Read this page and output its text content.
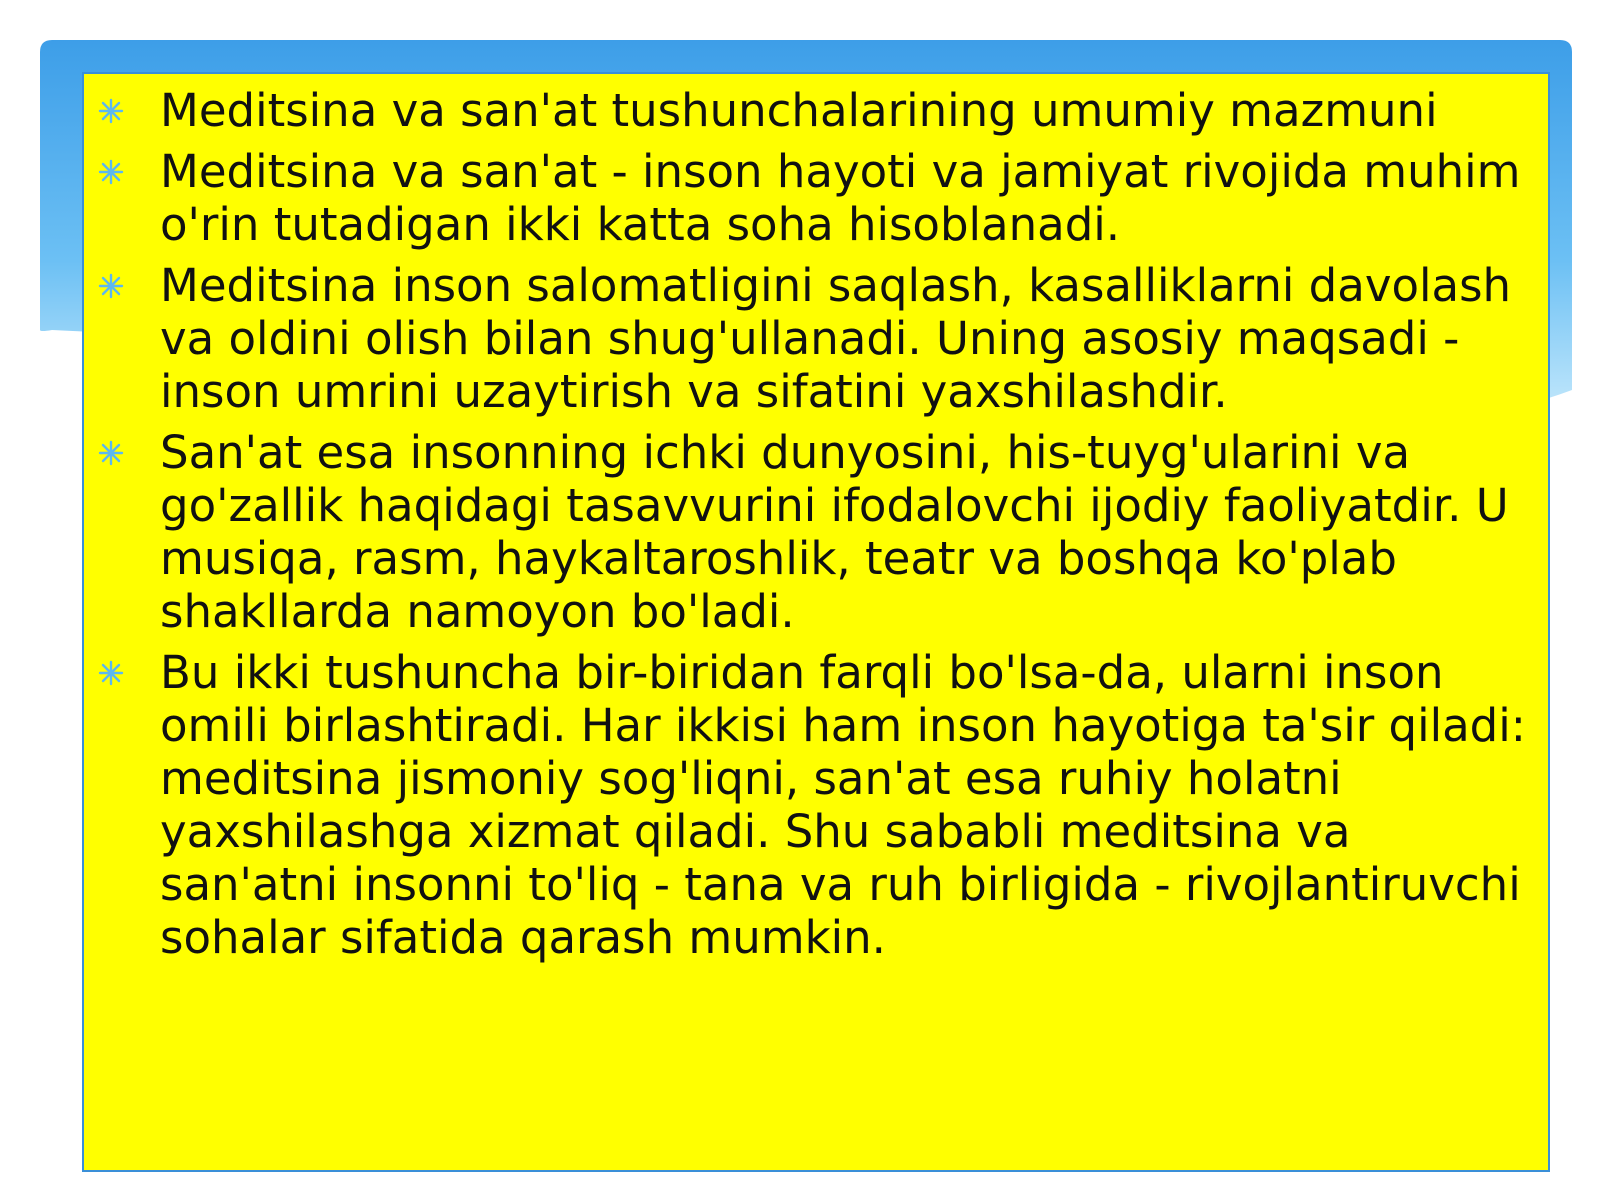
Meditsina va san'at tushunchalarining umumiy mazmuni
Meditsina va san'at - inson hayoti va jamiyat rivojida muhim o'rin tutadigan ikki katta soha hisoblanadi.
Meditsina inson salomatligini saqlash, kasalliklarni davolash va oldini olish bilan shug'ullanadi. Uning asosiy maqsadi - inson umrini uzaytirish va sifatini yaxshilashdir.
San'at esa insonning ichki dunyosini, his-tuyg'ularini va go'zallik haqidagi tasavvurini ifodalovchi ijodiy faoliyatdir. U musiqa, rasm, haykaltaroshlik, teatr va boshqa ko'plab shakllarda namoyon bo'ladi.
Bu ikki tushuncha bir-biridan farqli bo'lsa-da, ularni inson omili birlashtiradi. Har ikkisi ham inson hayotiga ta'sir qiladi: meditsina jismoniy sog'liqni, san'at esa ruhiy holatni yaxshilashga xizmat qiladi. Shu sababli meditsina va san'atni insonni to'liq - tana va ruh birligida - rivojlantiruvchi sohalar sifatida qarash mumkin.
